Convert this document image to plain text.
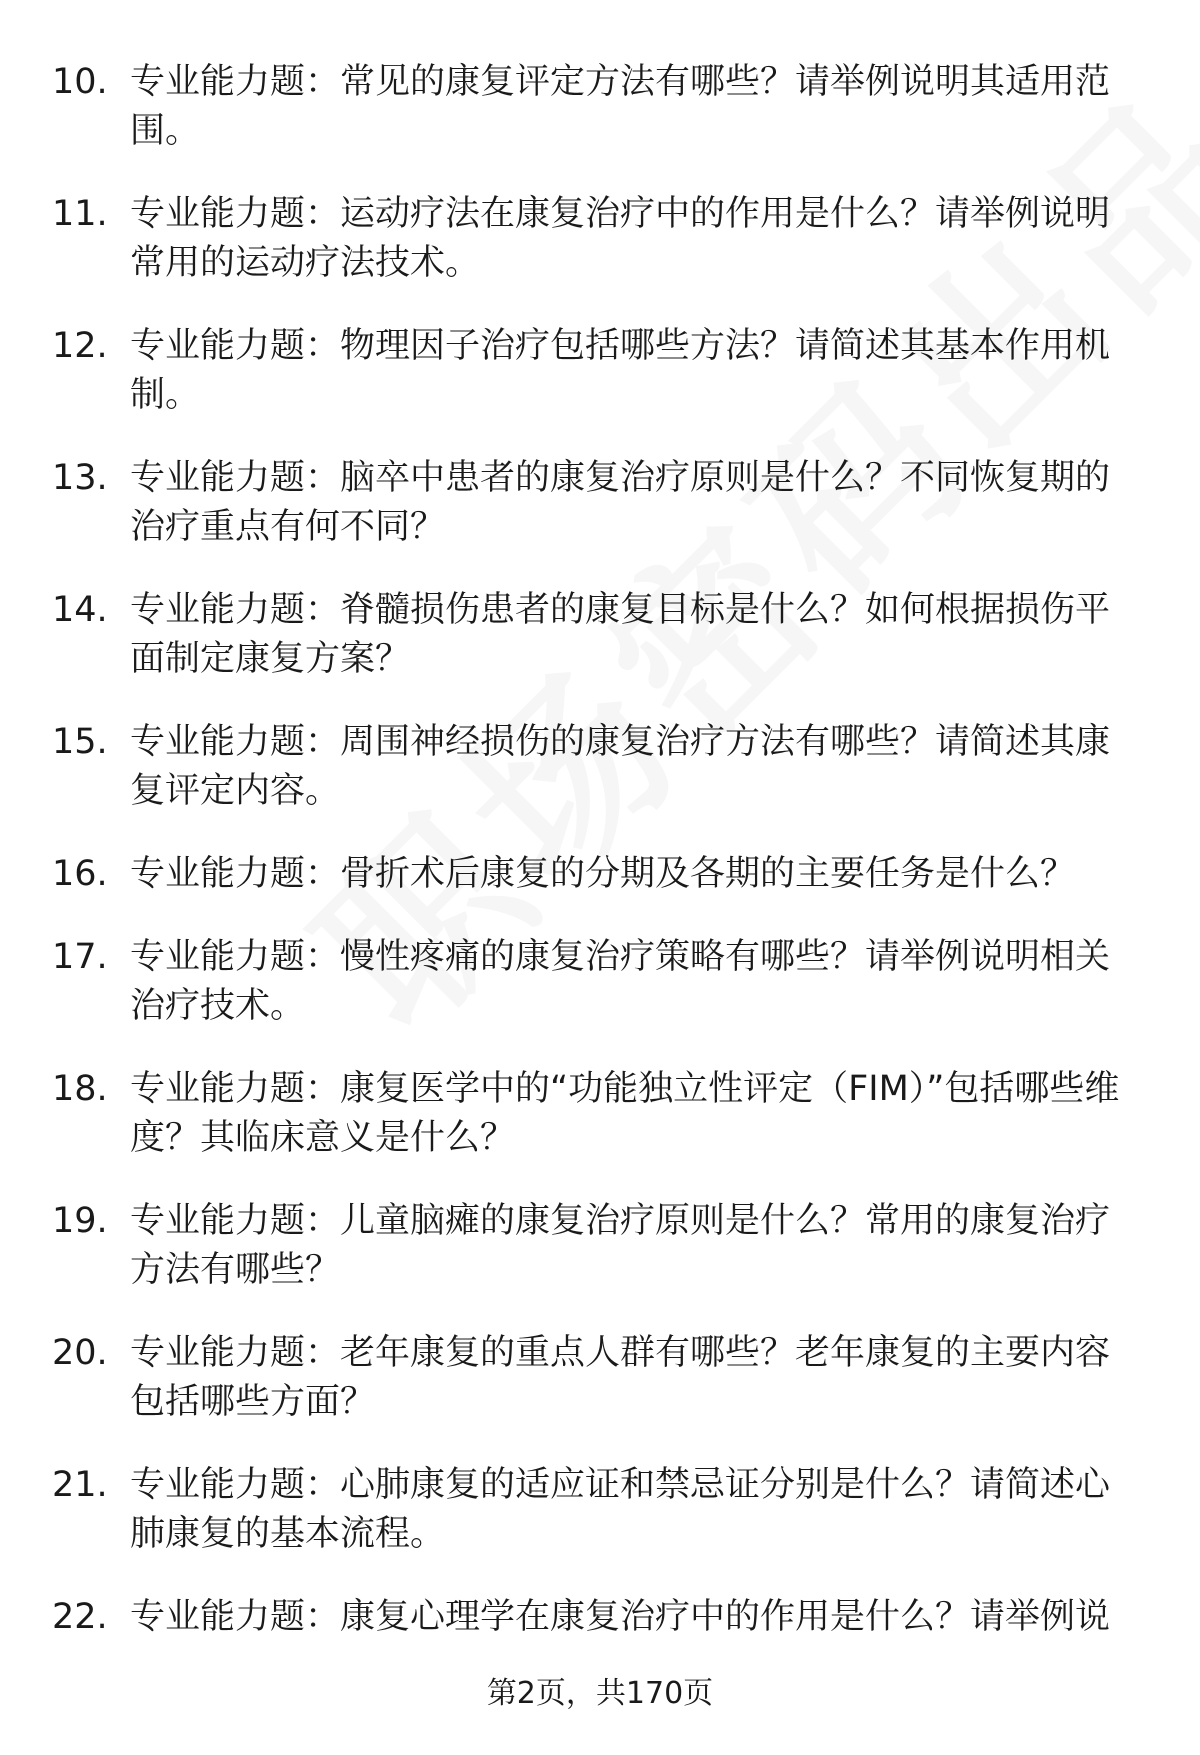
10. 专业能力题：常见的康复评定方法有哪些？请举例说明其适用范围。
11. 专业能力题：运动疗法在康复治疗中的作用是什么？请举例说明常用的运动疗法技术。
12. 专业能力题：物理因子治疗包括哪些方法？请简述其基本作用机制。
13. 专业能力题：脑卒中患者的康复治疗原则是什么？不同恢复期的治疗重点有何不同？
14. 专业能力题：脊髓损伤患者的康复目标是什么？如何根据损伤平面制定康复方案？
15. 专业能力题：周围神经损伤的康复治疗方法有哪些？请简述其康复评定内容。
16. 专业能力题：骨折术后康复的分期及各期的主要任务是什么？
17. 专业能力题：慢性疼痛的康复治疗策略有哪些？请举例说明相关治疗技术。
18. 专业能力题：康复医学中的“功能独立性评定（FIM）”包括哪些维度？其临床意义是什么？
19. 专业能力题：儿童脑瘫的康复治疗原则是什么？常用的康复治疗方法有哪些？
20. 专业能力题：老年康复的重点人群有哪些？老年康复的主要内容包括哪些方面？
21. 专业能力题：心肺康复的适应证和禁忌证分别是什么？请简述心肺康复的基本流程。
22. 专业能力题：康复心理学在康复治疗中的作用是什么？请举例说
第2页，共170页
